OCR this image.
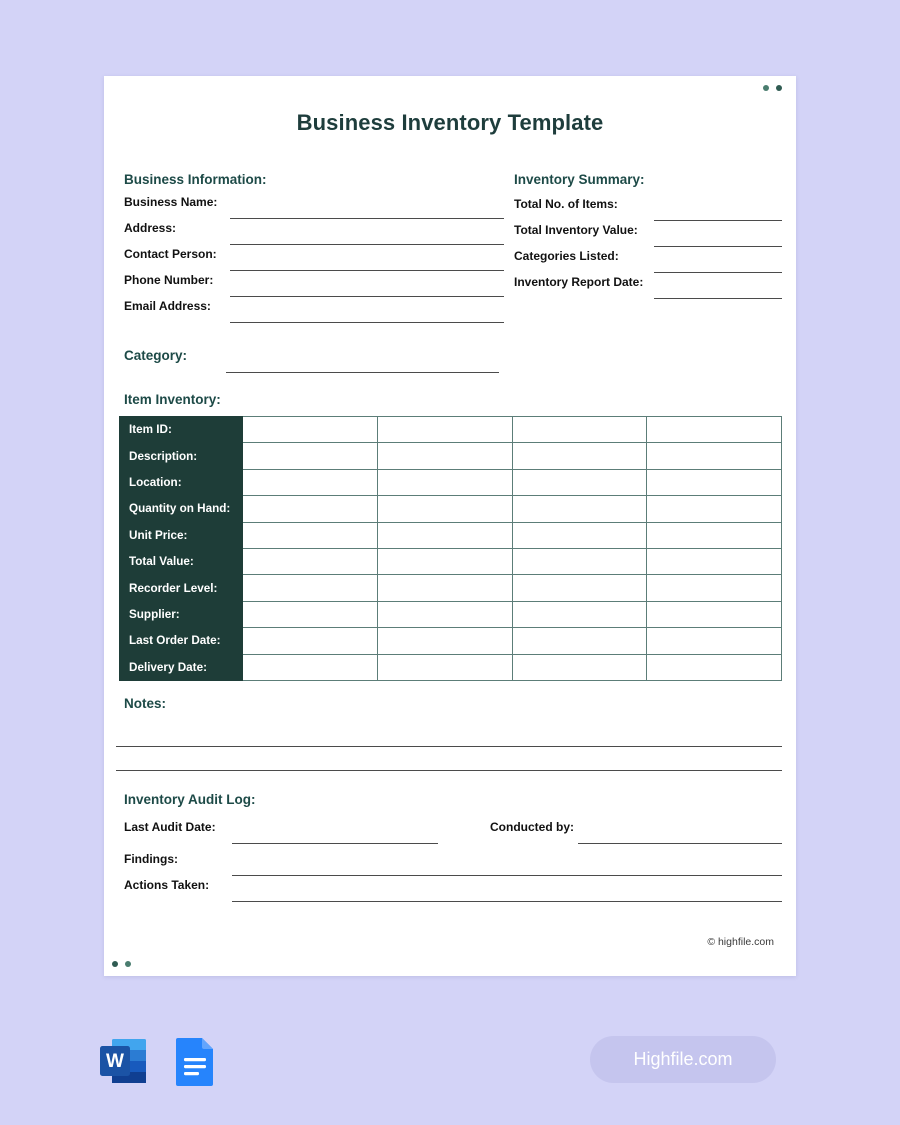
Business Inventory Template
Business Information:
Business Name:
Address:
Contact Person:
Phone Number:
Email Address:
Inventory Summary:
Total No. of Items:
Total Inventory Value:
Categories Listed:
Inventory Report Date:
Category:
Item Inventory:
Item ID:				
Description:				
Location:				
Quantity on Hand:				
Unit Price:				
Total Value:				
Recorder Level:				
Supplier:				
Last Order Date:				
Delivery Date:				
Notes:
Inventory Audit Log:
Last Audit Date:	Conducted by:
Findings:
Actions Taken:
© highfile.com
W	Highfile.com
